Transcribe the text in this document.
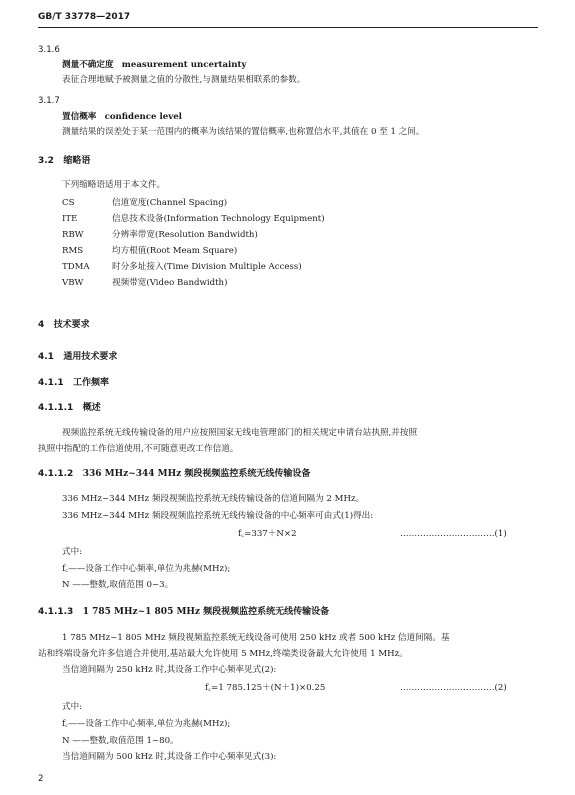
GB/T 33778—2017
3.1.6
测量不确定度 measurement uncertainty
表征合理地赋予被测量之值的分散性,与测量结果相联系的参数。
3.1.7
置信概率 confidence level
测量结果的误差处于某一范围内的概率为该结果的置信概率,也称置信水平,其值在 0 至 1 之间。
3.2 缩略语
下列缩略语适用于本文件。
CS	信道宽度(Channel Spacing)
ITE	信息技术设备(Information Technology Equipment)
RBW	分辨率带宽(Resolution Bandwidth)
RMS	均方根值(Root Meam Square)
TDMA	时分多址接入(Time Division Multiple Access)
VBW	视频带宽(Video Bandwidth)
4 技术要求
4.1 通用技术要求
4.1.1 工作频率
4.1.1.1 概述
视频监控系统无线传输设备的用户应按照国家无线电管理部门的相关规定申请台站执照,并按照
执照中指配的工作信道使用,不可随意更改工作信道。
4.1.1.2 336 MHz~344 MHz 频段视频监控系统无线传输设备
336 MHz~344 MHz 频段视频监控系统无线传输设备的信道间隔为 2 MHz。
336 MHz~344 MHz 频段视频监控系统无线传输设备的中心频率可由式(1)得出:
f꜀=337＋N×2	……………………………(1)
式中:
f꜀——设备工作中心频率,单位为兆赫(MHz);
N ——整数,取值范围 0~3。
4.1.1.3 1 785 MHz~1 805 MHz 频段视频监控系统无线传输设备
1 785 MHz~1 805 MHz 频段视频监控系统无线设备可使用 250 kHz 或者 500 kHz 信道间隔。基
站和终端设备允许多信道合并使用,基站最大允许使用 5 MHz,终端类设备最大允许使用 1 MHz。
当信道间隔为 250 kHz 时,其设备工作中心频率见式(2):
f꜀=1 785.125＋(N＋1)×0.25	……………………………(2)
式中:
f꜀——设备工作中心频率,单位为兆赫(MHz);
N ——整数,取值范围 1~80。
当信道间隔为 500 kHz 时,其设备工作中心频率见式(3):
2
